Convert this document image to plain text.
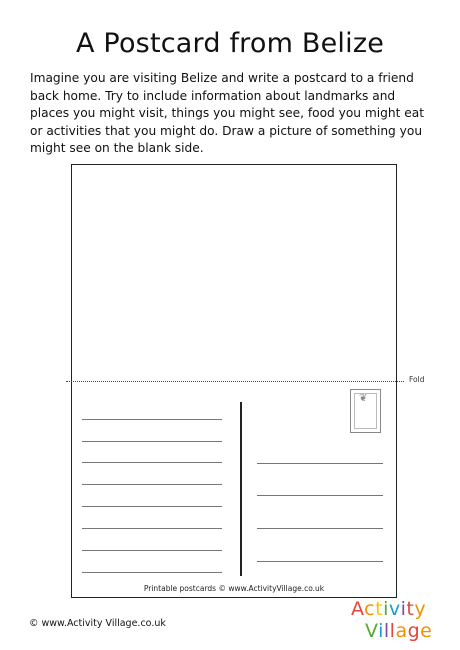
A Postcard from Belize

Imagine you are visiting Belize and write a postcard to a friend back home. Try to include information about landmarks and places you might visit, things you might see, food you might eat or activities that you might do. Draw a picture of something you might see on the blank side.

Fold
❦
Printable postcards © www.ActivityVillage.co.uk
© www.Activity Village.co.uk
Activity
Village
